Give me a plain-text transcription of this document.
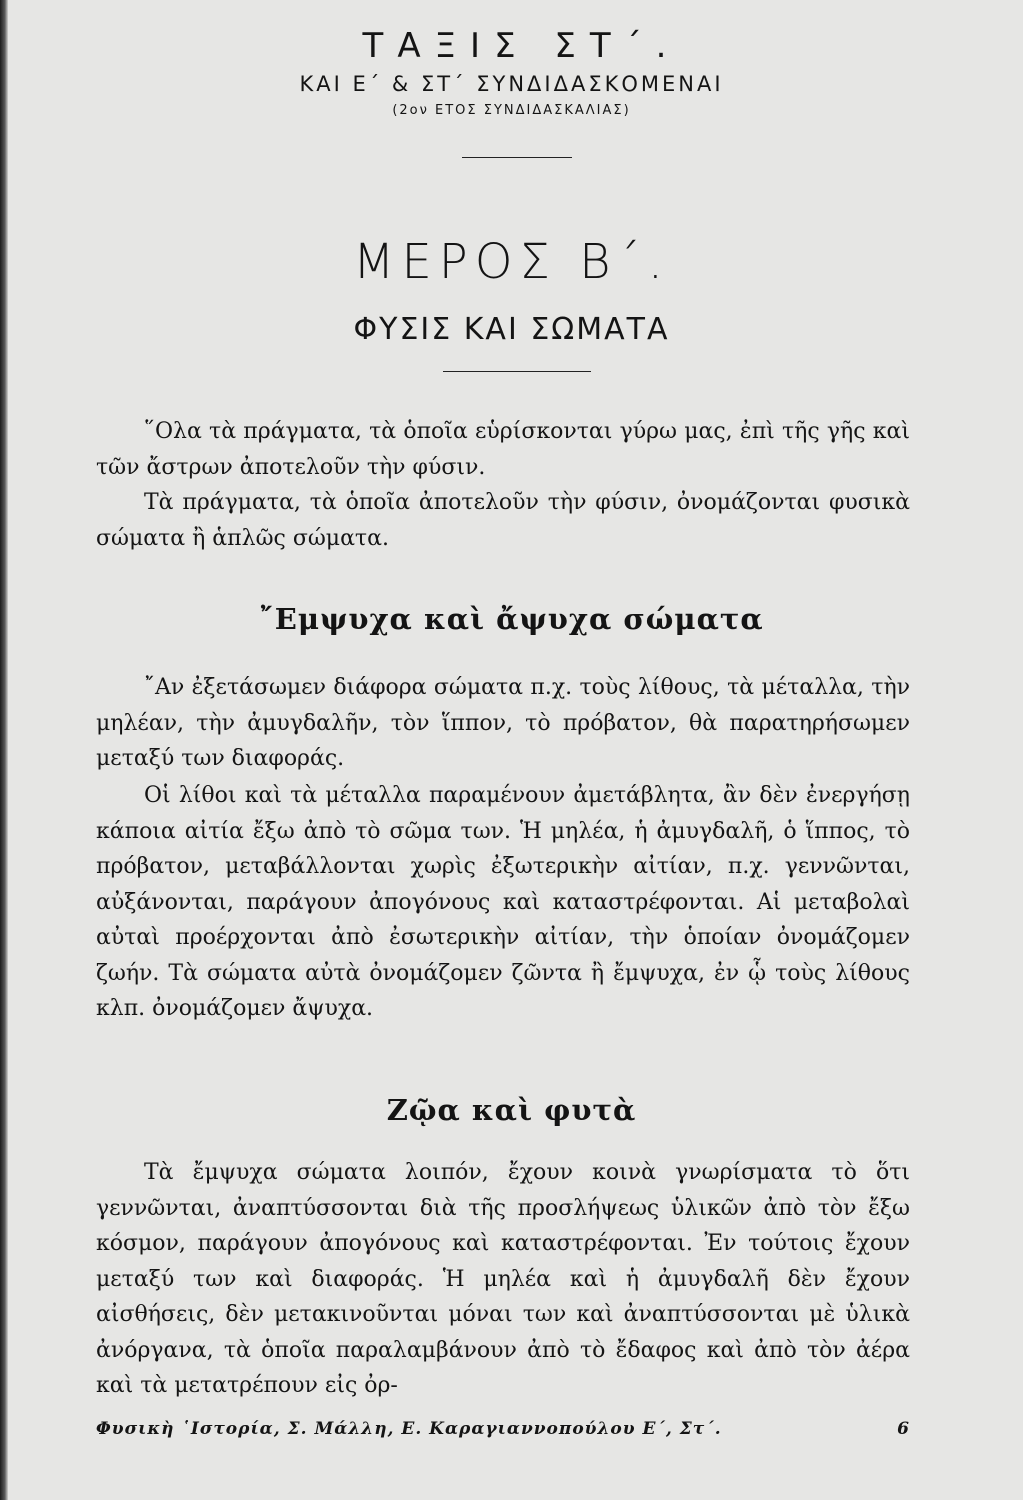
ΤΑΞΙΣ ΣΤ΄.
ΚΑΙ Ε΄ & ΣΤ΄ ΣΥΝΔΙΔΑΣΚΟΜΕΝΑΙ
(2ον ΕΤΟΣ ΣΥΝΔΙΔΑΣΚΑΛΙΑΣ)
ΜΕΡΟΣ Β΄.
ΦΥΣΙΣ ΚΑΙ ΣΩΜΑΤΑ

῞Ολα τὰ πράγματα, τὰ ὁποῖα εὑρίσκονται γύρω μας, ἐπὶ τῆς γῆς καὶ τῶν ἄστρων ἀποτελοῦν τὴν φύσιν.

Τὰ πράγματα, τὰ ὁποῖα ἀποτελοῦν τὴν φύσιν, ὀνομάζονται φυσικὰ σώματα ἢ ἁπλῶς σώματα.

῎Εμψυχα καὶ ἄψυχα σώματα

῎Αν ἐξετάσωμεν διάφορα σώματα π.χ. τοὺς λίθους, τὰ μέταλλα, τὴν μηλέαν, τὴν ἀμυγδαλῆν, τὸν ἵππον, τὸ πρόβατον, θὰ παρατηρήσωμεν μεταξύ των διαφοράς.

Οἱ λίθοι καὶ τὰ μέταλλα παραμένουν ἀμετάβλητα, ἂν δὲν ἐνεργήσῃ κάποια αἰτία ἔξω ἀπὸ τὸ σῶμα των. Ἡ μηλέα, ἡ ἀμυγδαλῆ, ὁ ἵππος, τὸ πρόβατον, μεταβάλλονται χωρὶς ἐξωτερικὴν αἰτίαν, π.χ. γεννῶνται, αὐξάνονται, παράγουν ἀπογόνους καὶ καταστρέφονται. Αἱ μεταβολαὶ αὐταὶ προέρχονται ἀπὸ ἐσωτερικὴν αἰτίαν, τὴν ὁποίαν ὀνομάζομεν ζωήν. Τὰ σώματα αὐτὰ ὀνομάζομεν ζῶντα ἢ ἔμψυχα, ἐν ᾧ τοὺς λίθους κλπ. ὀνομάζομεν ἄψυχα.

Ζῷα καὶ φυτὰ

Τὰ ἔμψυχα σώματα λοιπόν, ἔχουν κοινὰ γνωρίσματα τὸ ὅτι γεννῶνται, ἀναπτύσσονται διὰ τῆς προσλήψεως ὑλικῶν ἀπὸ τὸν ἔξω κόσμον, παράγουν ἀπογόνους καὶ καταστρέφονται. Ἐν τούτοις ἔχουν μεταξύ των καὶ διαφοράς. Ἡ μηλέα καὶ ἡ ἀμυγδαλῆ δὲν ἔχουν αἰσθήσεις, δὲν μετακινοῦνται μόναι των καὶ ἀναπτύσσονται μὲ ὑλικὰ ἀνόργανα, τὰ ὁποῖα παραλαμβάνουν ἀπὸ τὸ ἔδαφος καὶ ἀπὸ τὸν ἀέρα καὶ τὰ μετατρέπουν εἰς ὀρ-

Φυσικὴ ῾Ιστορία, Σ. Μάλλη, Ε. Καραγιαννοπούλου Ε΄, Στ΄.	6
